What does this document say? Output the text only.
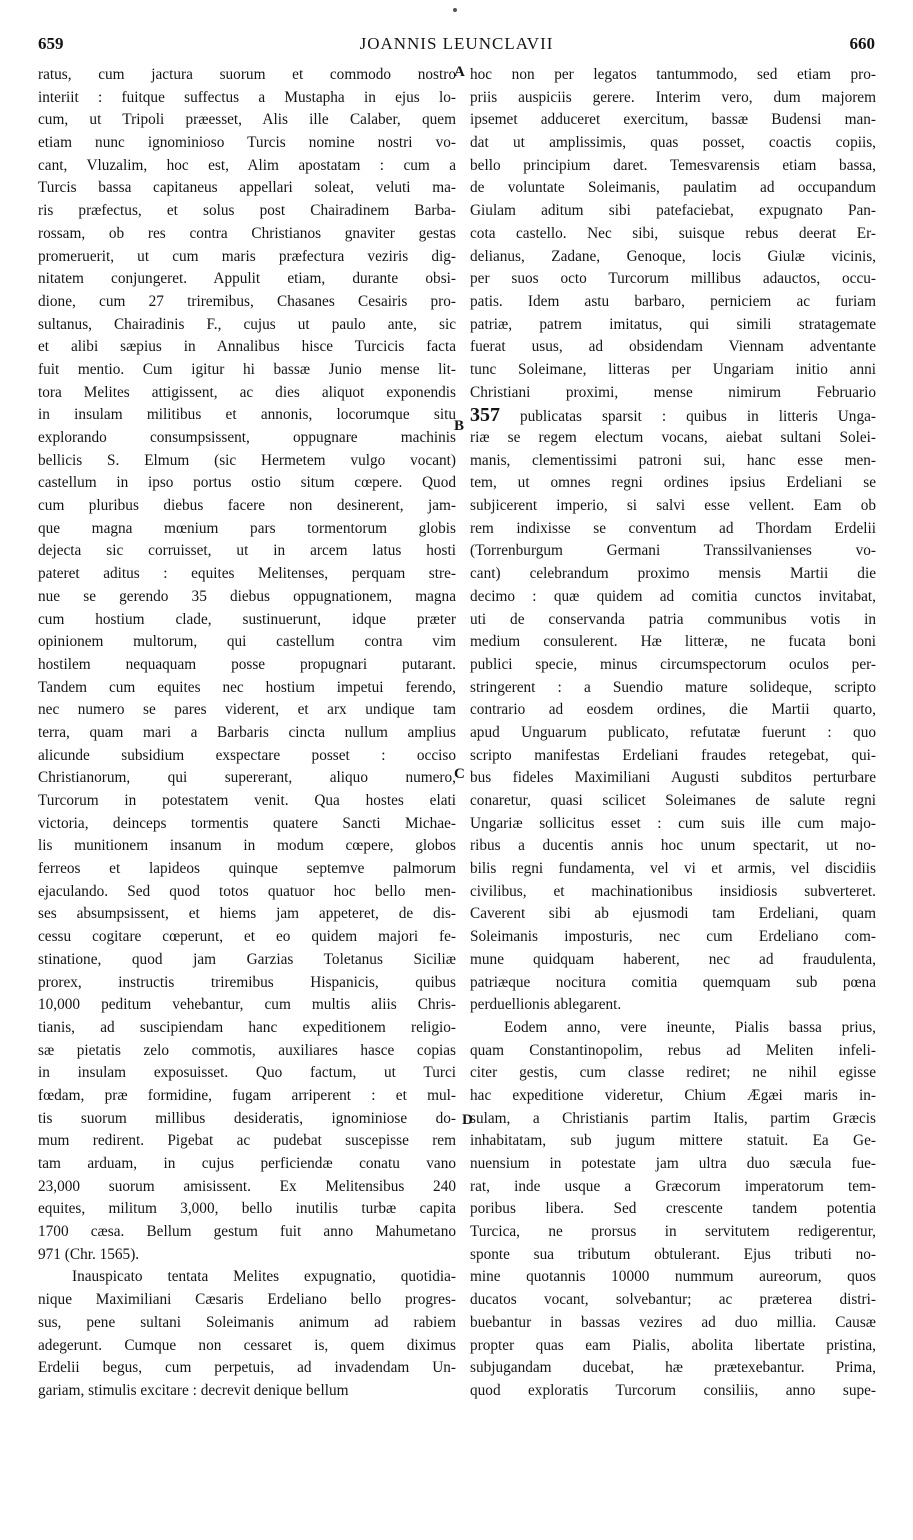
659	JOANNIS LEUNCLAVII	660
ratus, cum jactura suorum et commodo nostro
interiit : fuitque suffectus a Mustapha in ejus lo-
cum, ut Tripoli præesset, Alis ille Calaber, quem
etiam nunc ignominioso Turcis nomine nostri vo-
cant, Vluzalim, hoc est, Alim apostatam : cum a
Turcis bassa capitaneus appellari soleat, veluti ma-
ris præfectus, et solus post Chairadinem Barba-
rossam, ob res contra Christianos gnaviter gestas
promeruerit, ut cum maris præfectura veziris dig-
nitatem conjungeret. Appulit etiam, durante obsi-
dione, cum 27 triremibus, Chasanes Cesairis pro-
sultanus, Chairadinis F., cujus ut paulo ante, sic
et alibi sæpius in Annalibus hisce Turcicis facta
fuit mentio. Cum igitur hi bassæ Junio mense lit-
tora Melites attigissent, ac dies aliquot exponendis
in insulam militibus et annonis, locorumque situ
explorando consumpsissent, oppugnare machinis
bellicis S. Elmum (sic Hermetem vulgo vocant)
castellum in ipso portus ostio situm cœpere. Quod
cum pluribus diebus facere non desinerent, jam-
que magna mœnium pars tormentorum globis
dejecta sic corruisset, ut in arcem latus hosti
pateret aditus : equites Melitenses, perquam stre-
nue se gerendo 35 diebus oppugnationem, magna
cum hostium clade, sustinuerunt, idque præter
opinionem multorum, qui castellum contra vim
hostilem nequaquam posse propugnari putarant.
Tandem cum equites nec hostium impetui ferendo,
nec numero se pares viderent, et arx undique tam
terra, quam mari a Barbaris cincta nullum amplius
alicunde subsidium exspectare posset : occiso
Christianorum, qui supererant, aliquo numero,
Turcorum in potestatem venit. Qua hostes elati
victoria, deinceps tormentis quatere Sancti Michae-
lis munitionem insanum in modum cœpere, globos
ferreos et lapideos quinque septemve palmorum
ejaculando. Sed quod totos quatuor hoc bello men-
ses absumpsissent, et hiems jam appeteret, de dis-
cessu cogitare cœperunt, et eo quidem majori fe-
stinatione, quod jam Garzias Toletanus Siciliæ
prorex, instructis triremibus Hispanicis, quibus
10,000 peditum vehebantur, cum multis aliis Chris-
tianis, ad suscipiendam hanc expeditionem religio-
sæ pietatis zelo commotis, auxiliares hasce copias
in insulam exposuisset. Quo factum, ut Turci
fœdam, præ formidine, fugam arriperent : et mul-
tis suorum millibus desideratis, ignominiose do-
mum redirent. Pigebat ac pudebat suscepisse rem
tam arduam, in cujus perficiendæ conatu vano
23,000 suorum amisissent. Ex Melitensibus 240
equites, militum 3,000, bello inutilis turbæ capita
1700 cæsa. Bellum gestum fuit anno Mahumetano
971 (Chr. 1565).
Inauspicato tentata Melites expugnatio, quotidia-
nique Maximiliani Cæsaris Erdeliano bello progres-
sus, pene sultani Soleimanis animum ad rabiem
adegerunt. Cumque non cessaret is, quem diximus
Erdelii begus, cum perpetuis, ad invadendam Un-
gariam, stimulis excitare : decrevit denique bellum
hoc non per legatos tantummodo, sed etiam pro-
priis auspiciis gerere. Interim vero, dum majorem
ipsemet adduceret exercitum, bassæ Budensi man-
dat ut amplissimis, quas posset, coactis copiis,
bello principium daret. Temesvarensis etiam bassa,
de voluntate Soleimanis, paulatim ad occupandum
Giulam aditum sibi patefaciebat, expugnato Pan-
cota castello. Nec sibi, suisque rebus deerat Er-
delianus, Zadane, Genoque, locis Giulæ vicinis,
per suos octo Turcorum millibus adauctos, occu-
patis. Idem astu barbaro, perniciem ac furiam
patriæ, patrem imitatus, qui simili stratagemate
fuerat usus, ad obsidendam Viennam adventante
tunc Soleimane, litteras per Ungariam initio anni
Christiani proximi, mense nimirum Februario
357 publicatas sparsit : quibus in litteris Unga-
riæ se regem electum vocans, aiebat sultani Solei-
manis, clementissimi patroni sui, hanc esse men-
tem, ut omnes regni ordines ipsius Erdeliani se
subjicerent imperio, si salvi esse vellent. Eam ob
rem indixisse se conventum ad Thordam Erdelii
(Torrenburgum Germani Transsilvanienses vo-
cant) celebrandum proximo mensis Martii die
decimo : quæ quidem ad comitia cunctos invitabat,
uti de conservanda patria communibus votis in
medium consulerent. Hæ litteræ, ne fucata boni
publici specie, minus circumspectorum oculos per-
stringerent : a Suendio mature solideque, scripto
contrario ad eosdem ordines, die Martii quarto,
apud Unguarum publicato, refutatæ fuerunt : quo
scripto manifestas Erdeliani fraudes retegebat, qui-
bus fideles Maximiliani Augusti subditos perturbare
conaretur, quasi scilicet Soleimanes de salute regni
Ungariæ sollicitus esset : cum suis ille cum majo-
ribus a ducentis annis hoc unum spectarit, ut no-
bilis regni fundamenta, vel vi et armis, vel discidiis
civilibus, et machinationibus insidiosis subverteret.
Caverent sibi ab ejusmodi tam Erdeliani, quam
Soleimanis imposturis, nec cum Erdeliano com-
mune quidquam haberent, nec ad fraudulenta,
patriæque nocitura comitia quemquam sub pœna
perduellionis ablegarent.
Eodem anno, vere ineunte, Pialis bassa prius,
quam Constantinopolim, rebus ad Meliten infeli-
citer gestis, cum classe rediret; ne nihil egisse
hac expeditione videretur, Chium Ægæi maris in-
sulam, a Christianis partim Italis, partim Græcis
inhabitatam, sub jugum mittere statuit. Ea Ge-
nuensium in potestate jam ultra duo sæcula fue-
rat, inde usque a Græcorum imperatorum tem-
poribus libera. Sed crescente tandem potentia
Turcica, ne prorsus in servitutem redigerentur,
sponte sua tributum obtulerant. Ejus tributi no-
mine quotannis 10000 nummum aureorum, quos
ducatos vocant, solvebantur; ac præterea distri-
buebantur in bassas vezires ad duo millia. Causæ
propter quas eam Pialis, abolita libertate pristina,
subjugandam ducebat, hæ prætexebantur. Prima,
quod exploratis Turcorum consiliis, anno supe-
A
B
C
D
